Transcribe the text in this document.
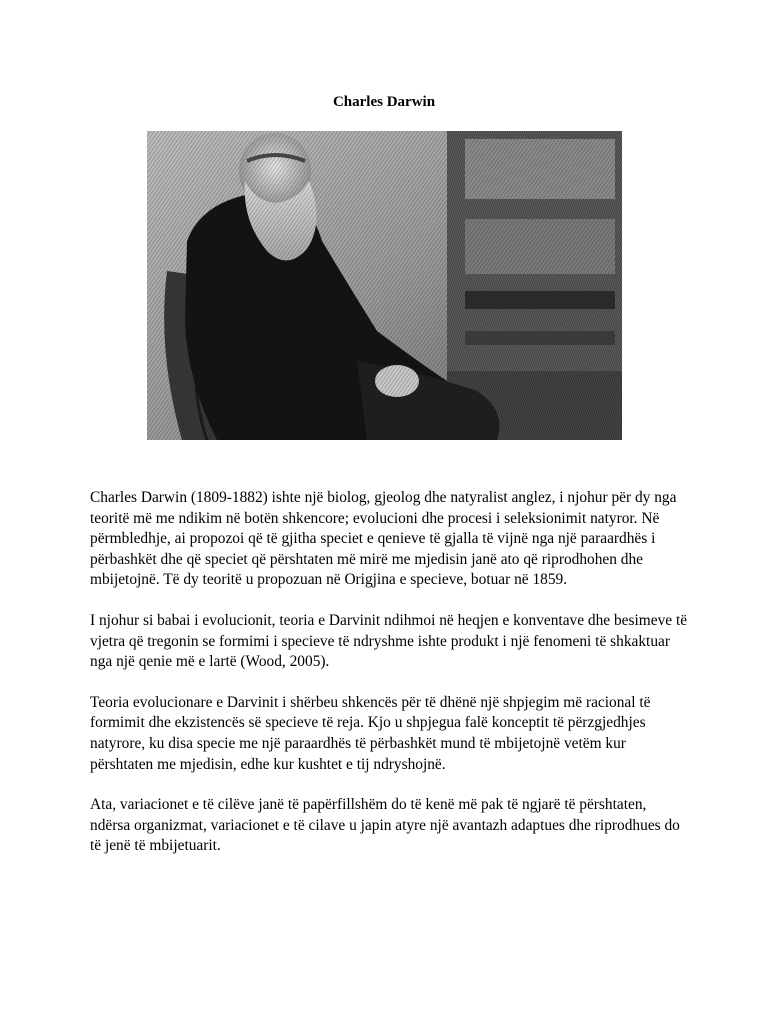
Charles Darwin

Charles Darwin (1809-1882) ishte një biolog, gjeolog dhe natyralist anglez, i njohur për dy nga teoritë më me ndikim në botën shkencore; evolucioni dhe procesi i seleksionimit natyror. Në përmbledhje, ai propozoi që të gjitha speciet e qenieve të gjalla të vijnë nga një paraardhës i përbashkët dhe që speciet që përshtaten më mirë me mjedisin janë ato që riprodhohen dhe mbijetojnë. Të dy teoritë u propozuan në Origjina e specieve, botuar në 1859.

I njohur si babai i evolucionit, teoria e Darvinit ndihmoi në heqjen e konventave dhe besimeve të vjetra që tregonin se formimi i specieve të ndryshme ishte produkt i një fenomeni të shkaktuar nga një qenie më e lartë (Wood, 2005).

Teoria evolucionare e Darvinit i shërbeu shkencës për të dhënë një shpjegim më racional të formimit dhe ekzistencës së specieve të reja. Kjo u shpjegua falë konceptit të përzgjedhjes natyrore, ku disa specie me një paraardhës të përbashkët mund të mbijetojnë vetëm kur përshtaten me mjedisin, edhe kur kushtet e tij ndryshojnë.

Ata, variacionet e të cilëve janë të papërfillshëm do të kenë më pak të ngjarë të përshtaten, ndërsa organizmat, variacionet e të cilave u japin atyre një avantazh adaptues dhe riprodhues do të jenë të mbijetuarit.
